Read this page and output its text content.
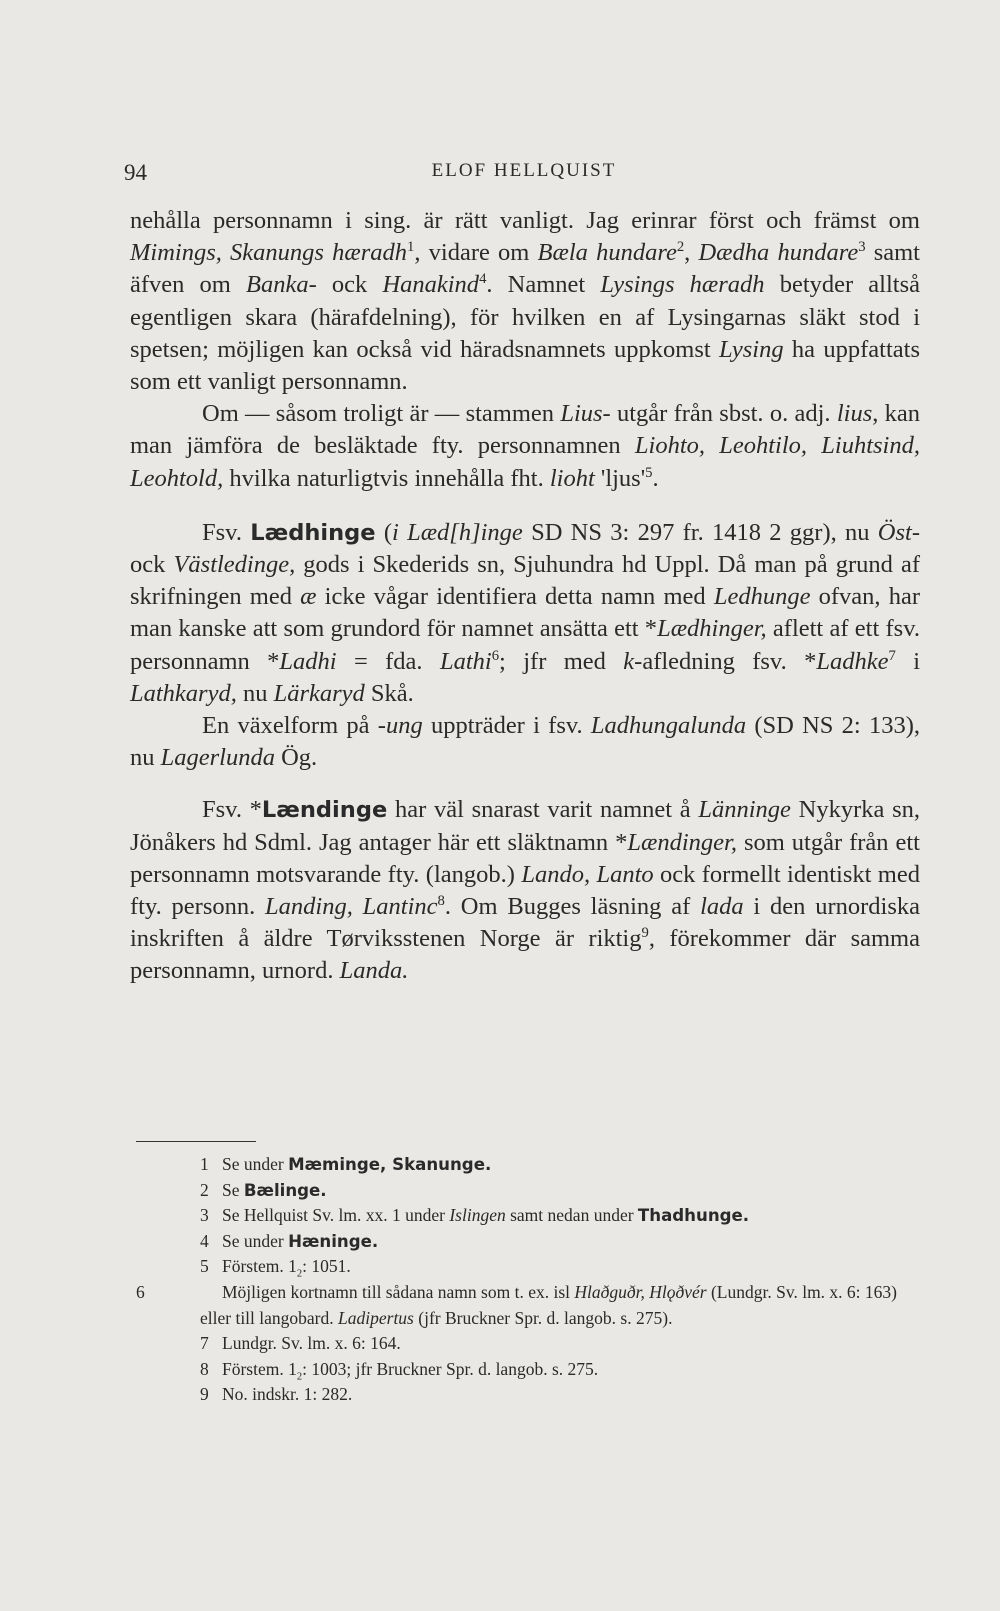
94	ELOF HELLQUIST

nehålla personnamn i sing. är rätt vanligt. Jag erinrar först och främst om Mimings, Skanungs hæradh$^1$, vidare om Bæla hundare$^2$, Dædha hundare$^3$ samt äfven om Banka- ock Hanakind$^4$. Namnet Lysings hæradh betyder alltså egentligen skara (härafdelning), för hvilken en af Lysingarnas släkt stod i spetsen; möjligen kan också vid häradsnamnets uppkomst Lysing ha uppfattats som ett vanligt personnamn.

Om — såsom troligt är — stammen Lius- utgår från sbst. o. adj. lius, kan man jämföra de besläktade fty. personnamnen Liohto, Leohtilo, Liuhtsind, Leohtold, hvilka naturligtvis innehålla fht. lioht '$ljus'^5$.

Fsv. Lædhinge (i Læd[h]inge SD NS 3: 297 fr. 1418 2 ggr), nu Öst- ock Västledinge, gods i Skederids sn, Sjuhundra hd Uppl. Då man på grund af skrifningen med æ icke vågar identifiera detta namn med Ledhunge ofvan, har man kanske att som grundord för namnet ansätta ett *Lædhinger, aflett af ett fsv. personnamn *Ladhi = fda. Lathi$^6$; jfr med k-afledning fsv. *Ladhke$^7$ i Lathkaryd, nu Lärkaryd Skå.

En växelform på -ung uppträder i fsv. Ladhungalunda (SD NS 2: 133), nu Lagerlunda Ög.

Fsv. *Lændinge har väl snarast varit namnet å Länninge Nykyrka sn, Jönåkers hd Sdml. Jag antager här ett släktnamn *Lændinger, som utgår från ett personnamn motsvarande fty. (langob.) Lando, Lanto ock formellt identiskt med fty. personn. Landing, Lantinc$^8$. Om Bugges läsning af lada i den urnordiska inskriften å äldre Tørviksstenen Norge är riktig$^9$, förekommer där samma personnamn, urnord. Landa.

1 Se under Mæminge, Skanunge.

2 Se Bælinge.

3 Se Hellquist Sv. lm. xx. 1 under Islingen samt nedan under Thadhunge.

4 Se under Hæninge.

5 Förstem. $1_2$: 1051.

6	Möjligen kortnamn till sådana namn som t. ex. isl Hlaðguðr, Hlǫðvér (Lundgr. Sv. lm. x. 6: 163) eller till langobard. Ladipertus (jfr Bruckner Spr. d. langob. s. 275).

7 Lundgr. Sv. lm. x. 6: 164.

8 Förstem. $1_2$: 1003; jfr Bruckner Spr. d. langob. s. 275.

9 No. indskr. 1: 282.
